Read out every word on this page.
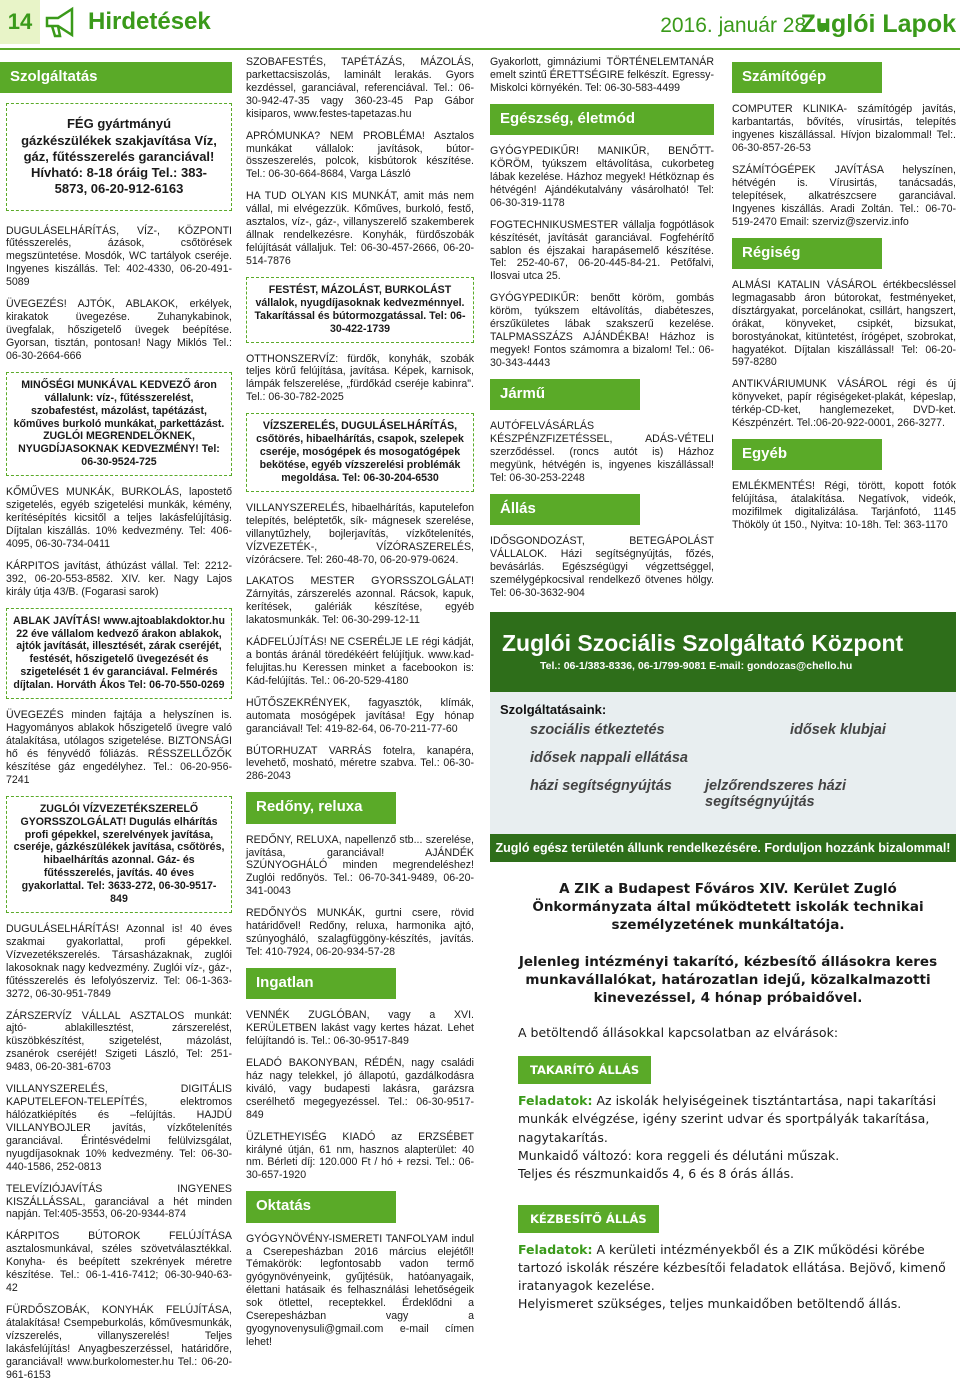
14	Hirdetések	2016. január 28.
Zuglói Lapok
Szolgáltatás
FÉG gyártmányú gázkészülékek szakjavítása Víz, gáz, fűtésszerelés garanciával! Hívható: 8-18 óráig Tel.: 383-5873, 06-20-912-6163

DUGULÁSELHÁRÍTÁS, VÍZ-, KÖZPONTI fűtésszerelés, ázások, csőtörések megszüntetése. Mosdók, WC tartályok cseréje. Ingyenes kiszállás. Tel: 402-4330, 06-20-491-5089

ÜVEGEZÉS! AJTÓK, ABLAKOK, erkélyek, kirakatok üvegezése. Zuhanykabinok, üvegfalak, hőszigetelő üvegek beépítése. Gyorsan, tisztán, pontosan! Nagy Miklós Tel.: 06-30-2664-666

MINŐSÉGI MUNKÁVAL KEDVEZŐ áron vállalunk: víz-, fűtésszerelést, szobafestést, mázolást, tapétázást, kőműves burkoló munkákat, parkettázást. ZUGLÓI MEGRENDELŐKNEK, NYUGDÍJASOKNAK KEDVEZMÉNY! Tel: 06-30-9524-725

KŐMŰVES MUNKÁK, BURKOLÁS, lapostető szigetelés, egyéb szigetelési munkák, kémény, kerítésépítés kicsitől a teljes lakásfelújításig. Díjtalan kiszállás. 10% kedvezmény. Tel: 406-4095, 06-30-734-0411

KÁRPITOS javítást, áthúzást vállal. Tel: 2212-392, 06-20-553-8582. XIV. ker. Nagy Lajos király útja 43/B. (Fogarasi sarok)

ABLAK JAVÍTÁS! www.ajtoablakdoktor.hu 22 éve vállalom kedvező árakon ablakok, ajtók javítását, illesztését, zárak cseréjét, festését, hőszigetelő üvegezését és szigetelését 1 év garanciával. Felmérés díjtalan. Horváth Ákos Tel: 06-70-550-0269

ÜVEGEZÉS minden fajtája a helyszínen is. Hagyományos ablakok hőszigetelő üvegre való átalakítása, utólagos szigetelése. BIZTONSÁGI hő és fényvédő fóliázás. RÉSSZELLŐZŐK készítése gáz engedélyhez. Tel.: 06-20-956-7241

ZUGLÓI VÍZVEZETÉKSZERELŐ GYORSSZOLGÁLAT! Dugulás elhárítás profi gépekkel, szerelvények javítása, cseréje, gázkészülékek javítása, csőtörés, hibaelhárítás azonnal. Gáz- és fűtésszerelés, javítás. 40 éves gyakorlattal. Tel: 3633-272, 06-30-9517-849

DUGULÁSELHÁRÍTÁS! Azonnal is! 40 éves szakmai gyakorlattal, profi gépekkel. Vízvezetékszerelés. Társasházaknak, zuglói lakosoknak nagy kedvezmény. Zuglói víz-, gáz-, fűtésszerelés és lefolyószerviz. Tel: 06-1-363-3272, 06-30-951-7849

ZÁRSZERVÍZ VÁLLAL ASZTALOS munkát: ajtó- ablakillesztést, zárszerelést, küszöbkészítést, szigetelést, mázolást, zsanérok cseréjét! Szigeti László, Tel: 251-9483, 06-20-381-6703

VILLANYSZERELÉS, DIGITÁLIS KAPUTELEFON-TELEPÍTÉS, elektromos hálózatkiépítés és –felújítás. HAJDÚ VILLANYBOJLER javítás, vízkőtelenítés garanciával. Érintésvédelmi felülvizsgálat, nyugdíjasoknak 10% kedvezmény. Tel: 06-30-440-1586, 252-0813

TELEVÍZIÓJAVÍTÁS INGYENES KISZÁLLÁSSAL, garanciával a hét minden napján. Tel:405-3553, 06-20-9344-874

KÁRPITOS BÚTOROK FELÚJÍTÁSA asztalosmunkával, széles szövetválasztékkal. Konyha- és beépített szekrények méretre készítése. Tel.: 06-1-416-7412; 06-30-940-63-42

FÜRDŐSZOBÁK, KONYHÁK FELÚJÍTÁSA, átalakítása! Csempeburkolás, kőművesmunkák, vízszerelés, villanyszerelés! Teljes lakásfelújítás! Anyagbeszerzéssel, határidőre, garanciával! www.burkolomester.hu Tel.: 06-20-961-6153

SZOBAFESTÉS, TAPÉTÁZÁS, MÁZOLÁS, parkettacsiszolás, laminált lerakás. Gyors kezdéssel, garanciával, referenciával. Tel.: 06-30-942-47-35 vagy 360-23-45 Pap Gábor kisiparos, www.festes-tapetazas.hu

APRÓMUNKA? NEM PROBLÉMA! Asztalos munkákat vállalok: javítások, bútor- összeszerelés, polcok, kisbútorok készítése. Tel.: 06-30-664-8684, Varga László

HA TUD OLYAN KIS MUNKÁT, amit más nem vállal, mi elvégezzük. Kőműves, burkoló, festő, asztalos, víz-, gáz-, villanyszerelő szakemberek állnak rendelkezésre. Konyhák, fürdőszobák felújítását vállaljuk. Tel: 06-30-457-2666, 06-20-514-7876

FESTÉST, MÁZOLÁST, BURKOLÁST vállalok, nyugdíjasoknak kedvezménnyel. Takarítással és bútormozgatással. Tel: 06-30-422-1739

OTTHONSZERVÍZ: fürdők, konyhák, szobák teljes körű felújítása, javítása. Képek, karnisok, lámpák felszerelése, „fürdőkád cseréje kabinra". Tel.: 06-30-782-2025

VÍZSZERELÉS, DUGULÁSELHÁRÍTÁS, csőtörés, hibaelhárítás, csapok, szelepek cseréje, mosógépek és mosogatógépek bekötése, egyéb vízszerelési problémák megoldása. Tel: 06-30-204-6530

VILLANYSZERELÉS, hibaelhárítás, kaputelefon telepítés, beléptetők, sík- mágnesek szerelése, villanytűzhely, bojlerjavítás, vízkőtelenítés, VÍZVEZETÉK-, VÍZÓRASZERELÉS, vízórácsere. Tel: 260-48-70, 06-20-979-0624.

LAKATOS MESTER GYORSSZOLGÁLAT! Zárnyitás, zárszerelés azonnal. Rácsok, kapuk, kerítések, galériák készítése, egyéb lakatosmunkák. Tel: 06-30-299-12-11

KÁDFELÚJÍTÁS! NE CSERÉLJE LE régi kádját, a bontás áránál töredékéért felújítjuk. www.kad-felujitas.hu Keressen minket a facebookon is: Kád-felújítás. Tel.: 06-20-529-4180

HŰTŐSZEKRÉNYEK, fagyasztók, klímák, automata mosógépek javítása! Egy hónap garanciával! Tel: 419-82-64, 06-70-211-77-60

BÚTORHUZAT VARRÁS fotelra, kanapéra, levehető, mosható, méretre szabva. Tel.: 06-30-286-2043

Redőny, reluxa

REDŐNY, RELUXA, napellenző stb... szerelése, javítása, garanciával! AJÁNDÉK SZÚNYOGHÁLÓ minden megrendeléshez! Zuglói redőnyös. Tel.: 06-70-341-9489, 06-20-341-0043

REDŐNYÖS MUNKÁK, gurtni csere, rövid határidővel! Redőny, reluxa, harmonika ajtó, szúnyogháló, szalagfüggöny-készítés, javítás. Tel: 410-7924, 06-20-934-57-28

Ingatlan

VENNÉK ZUGLÓBAN, vagy a XVI. KERÜLETBEN lakást vagy kertes házat. Lehet felújítandó is. Tel.: 06-30-9517-849

ELADÓ BAKONYBAN, RÉDÉN, nagy családi ház nagy telekkel, jó állapotú, gazdálkodásra kiváló, vagy budapesti lakásra, garázsra cserélhető megegyezéssel. Tel.: 06-30-9517-849

ÜZLETHEYISÉG KIADÓ az ERZSÉBET királyné útján, 61 nm, hasznos alapterület: 40 nm. Bérleti díj: 120.000 Ft / hó + rezsi. Tel.: 06-30-657-1920

Oktatás

GYÓGYNÖVÉNY-ISMERETI TANFOLYAM indul a Cserepesházban 2016 március elejétől! Témakörök: legfontosabb vadon termő gyógynövényeink, gyűjtésük, hatóanyagaik, élettani hatásaik és felhasználási lehetőségeik sok ötlettel, receptekkel. Érdeklődni a Cserepesházban vagy a gyogynovenysuli@gmail.com e-mail címen lehet!

Gyakorlott, gimnáziumi TÖRTÉNELEMTANÁR emelt szintű ÉRETTSÉGIRE felkészít. Egressy-Miskolci környékén. Tel: 06-30-583-4499

Egészség, életmód

GYÓGYPEDIKŰR! MANIKŰR, BENŐTT-KÖRÖM, tyúkszem eltávolítása, cukorbeteg lábak kezelése. Házhoz megyek! Hétköznap és hétvégén! Ajándékutalvány vásárolható! Tel: 06-30-319-1178

FOGTECHNIKUSMESTER vállalja fogpótlások készítését, javítását garanciával. Fogfehérítő sablon és éjszakai harapásemelő készítése. Tel: 252-40-67, 06-20-445-84-21. Petőfalvi, Ilosvai utca 25.

GYÓGYPEDIKŰR: benőtt köröm, gombás köröm, tyúkszem eltávolítás, diabéteszes, érszűkületes lábak szakszerű kezelése. TALPMASSZÁZS AJÁNDÉKBA! Házhoz is megyek! Fontos számomra a bizalom! Tel.: 06-30-343-4443

Jármű

AUTÓFELVÁSÁRLÁS KÉSZPÉNZFIZETÉSSEL, ADÁS-VÉTELI szerződéssel. (roncs autót is) Házhoz megyünk, hétvégén is, ingyenes kiszállással! Tel: 06-30-253-2248

Állás

IDŐSGONDOZÁST, BETEGÁPOLÁST VÁLLALOK. Házi segítségnyújtás, főzés, bevásárlás. Egészségügyi végzettséggel, személygépkocsival rendelkező ötvenes hölgy. Tel: 06-30-3632-904

Számítógép

COMPUTER KLINIKA- számítógép javítás, karbantartás, bővítés, vírusirtás, telepítés ingyenes kiszállással. Hívjon bizalommal! Tel:. 06-30-857-26-53

SZÁMÍTÓGÉPEK JAVÍTÁSA helyszínen, hétvégén is. Vírusirtás, tanácsadás, telepítések, alkatrészcsere garanciával. Ingyenes kiszállás. Aradi Zoltán. Tel.: 06-70-519-2470 Email: szerviz@szerviz.info

Régiség

ALMÁSI KATALIN VÁSÁROL értékbecsléssel legmagasabb áron bútorokat, festményeket, dísztárgyakat, porcelánokat, csillárt, hangszert, órákat, könyveket, csipkét, bizsukat, borostyánokat, kitüntetést, írógépet, szobrokat, hagyatékot. Díjtalan kiszállással! Tel: 06-20-597-8280

ANTIKVÁRIUMUNK VÁSÁROL régi és új könyveket, papír régiségeket-plakát, képeslap, térkép-CD-ket, hanglemezeket, DVD-ket. Készpénzért. Tel.:06-20-922-0001, 266-3277.

Egyéb

EMLÉKMENTÉS! Régi, törött, kopott fotók felújítása, átalakítása. Negatívok, videók, mozifilmek digitalizálása. Tarjánfotó, 1145 Thököly út 150., Nyitva: 10-18h. Tel: 363-1170

Zuglói Szociális Szolgáltató Központ
Tel.: 06-1/383-8336, 06-1/799-9081 E-mail: gondozas@chello.hu
Szolgáltatásaink:
szociális étkeztetés
idősek nappali ellátása
házi segítségnyújtás jelzőrendszeres házi segítségnyújtás
idősek klubjai
Zugló egész területén állunk rendelkezésére. Forduljon hozzánk bizalommal!
A ZIK a Budapest Főváros XIV. Kerület Zugló Önkormányzata által működtetett iskolák technikai személyzetének munkáltatója.
Jelenleg intézményi takarító, kézbesítő állásokra keres munkavállalókat, határozatlan idejű, közalkalmazotti kinevezéssel, 4 hónap próbaidővel.
A betöltendő állásokkal kapcsolatban az elvárások:
TAKARÍTÓ ÁLLÁS
Feladatok: Az iskolák helyiségeinek tisztántartása, napi takarítási munkák elvégzése, igény szerint udvar és sportpályák takarítása, nagytakarítás.
Munkaidő változó: kora reggeli és délutáni műszak.
Teljes és részmunkaidős 4, 6 és 8 órás állás.
KÉZBESÍTŐ ÁLLÁS
Feladatok: A kerületi intézményekből és a ZIK működési körébe tartozó iskolák részére kézbesítői feladatok ellátása. Bejövő, kimenő iratanyagok kezelése.
Helyismeret szükséges, teljes munkaidőben betöltendő állás.
